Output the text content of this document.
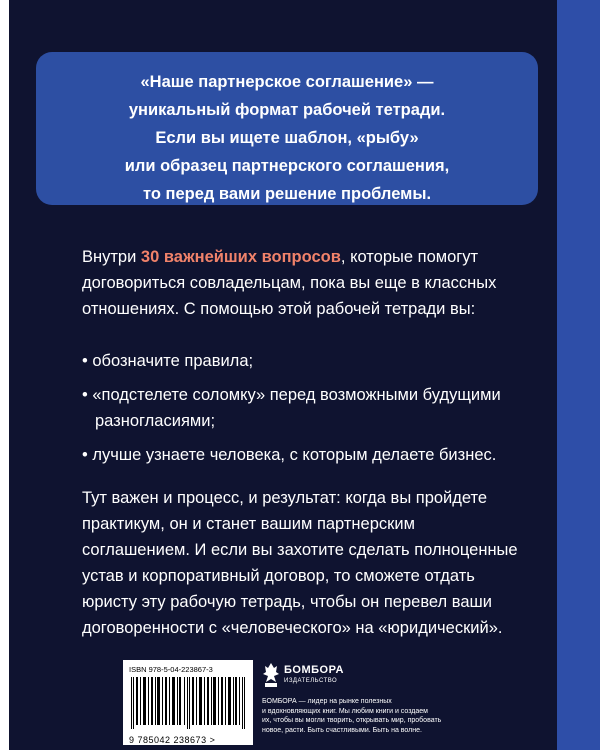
«Наше партнерское соглашение» —
уникальный формат рабочей тетради.
Если вы ищете шаблон, «рыбу»
или образец партнерского соглашения,
то перед вами решение проблемы.
Внутри 30 важнейших вопросов, которые помогут
договориться совладельцам, пока вы еще в классных
отношениях. С помощью этой рабочей тетради вы:
• обозначите правила;
• «подстелете соломку» перед возможными будущими
разногласиями;
• лучше узнаете человека, с которым делаете бизнес.
Тут важен и процесс, и результат: когда вы пройдете
практикум, он и станет вашим партнерским
соглашением. И если вы захотите сделать полноценные
устав и корпоративный договор, то сможете отдать
юристу эту рабочую тетрадь, чтобы он перевел ваши
договоренности с «человеческого» на «юридический».
ISBN 978-5-04-223867-3
9 785042 238673 >
БОМБОРА
ИЗДАТЕЛЬСТВО
БОМБОРА — лидер на рынке полезных
и вдохновляющих книг. Мы любим книги и создаем
их, чтобы вы могли творить, открывать мир, пробовать
новое, расти. Быть счастливыми. Быть на волне.
